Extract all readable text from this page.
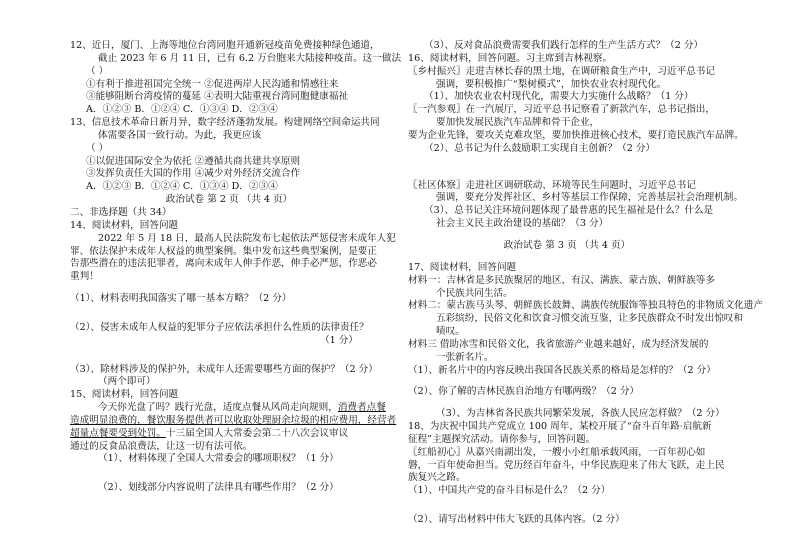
12、近日，厦门、上海等地位台湾同胞开通新冠疫苗免费接种绿色通道，

截止 2023 年 6 月 11 日，已有 6.2 万台胞来大陆接种疫苗。这一做法

（ ）

①有利于推进祖国完全统一 ②促进两岸人民沟通和情感往来

③能够阻断台湾疫情的蔓延 ④表明大陆重视台湾同胞健康福祉

A．①②③ B．①②④ C．①③④ D．②③④

13、信息技术革命日新月异，数字经济蓬勃发展。构建网络空间命运共同

体需要各国一致行动。为此，我更应该

（ ）

①以促进国际安全为依托 ②遵循共商共建共享原则

③发挥负责任大国的作用 ④减少对外经济交流合作

A．①②③ B．①②④ C．①③④ D．②③④

政治试卷 第 2 页 （共 4 页）

二、非选择题（共 34）

14、阅读材料，回答问题

2022 年 5 月 18 日，最高人民法院发布七起依法严惩侵害未成年人犯

罪、依法保护未成年人权益的典型案例。集中发布这些典型案例，是要正

告那些潜在的违法犯罪者，离向未成年人伸手作恶，伸手必严惩，作恶必

重判！

（1）、材料表明我国落实了哪一基本方略？（2 分）

（2）、侵害未成年人权益的犯罪分子应依法承担什么性质的法律责任？

（1 分）

（3）、除材料涉及的保护外，未成年人还需要哪些方面的保护？（2 分）

（两个即可）

15、阅读材料，回答问题

今天你光盘了吗？践行光盘，适度点餐从风尚走向规则，消费者点餐

造成明显浪费的，餐饮服务提供者可以收取处理厨余垃圾的相应费用，经营者

超量点餐要受到处罚。十三届全国人大常委会第二十八次会议审议

通过的反食品浪费法，让这一切有法可依。

（1）、材料体现了全国人大常委会的哪项职权？（1 分）

（2）、划线部分内容说明了法律具有哪些作用？（2 分）

（3）、反对食品浪费需要我们践行怎样的生产生活方式？（2 分）

16、阅读材料，回答问题。习主席到吉林视察。

〖乡村振兴〗走进吉林长春的黑土地，在调研粮食生产中，习近平总书记

强调，要积极推广“梨树模式”，加快农业农村现代化。

（1）、加快农业农村现代化，需要大力实施什么战略？（1 分）

〖一汽参观〗在一汽展厅，习近平总书记察看了新款汽车，总书记指出，

要加快发展民族汽车品牌和骨干企业，

要为企业先锋，要攻关克难攻坚，要加快推进核心技术，要打造民族汽车品牌。

（2）、总书记为什么鼓励职工实现自主创新？（2 分）

〖社区体察〗走进社区调研联动、环境等民生问题时，习近平总书记

强调，要充分发挥社区、乡村等基层工作保障，完善基层社会治理机制。

（3）、总书记关注环境问题体现了最普惠的民生福祉是什么？什么是

社会主义民主政治建设的基础？（3 分）

政治试卷 第 3 页 （共 4 页）

17、阅读材料，回答问题

材料一：吉林省是多民族聚居的地区，有汉、满族、蒙古族、朝鲜族等多

个民族共同生活。

材料二：蒙古族马头琴、朝鲜族长鼓舞、满族传统服饰等独具特色的非物质文化遗产

五彩缤纷，民俗文化和饮食习惯交流互鉴，让多民族群众不时发出惊叹和

啧叹。

材料三 借助冰雪和民俗文化，我省旅游产业越来越好，成为经济发展的

一张新名片。

（1）、新名片中的内容反映出我国各民族关系的格局是怎样的？（2 分）

（2）、你了解的吉林民族自治地方有哪两级？（2 分）

（3）、为吉林省各民族共同繁荣发展，各族人民应怎样做？（2 分）

18、为庆祝中国共产党成立 100 周年，某校开展了“奋斗百年路·启航新

征程”主题探究活动。请你参与，回答问题。

〖红船初心〗从嘉兴南湖出发，一艘小小红船承载风雨，一百年初心如

磐，一百年使命担当。党历经百年奋斗，中华民族迎来了伟大飞跃，走上民

族复兴之路。

（1）、中国共产党的奋斗目标是什么？（2 分）

（2）、请写出材料中伟大飞跃的具体内容。（2 分）
